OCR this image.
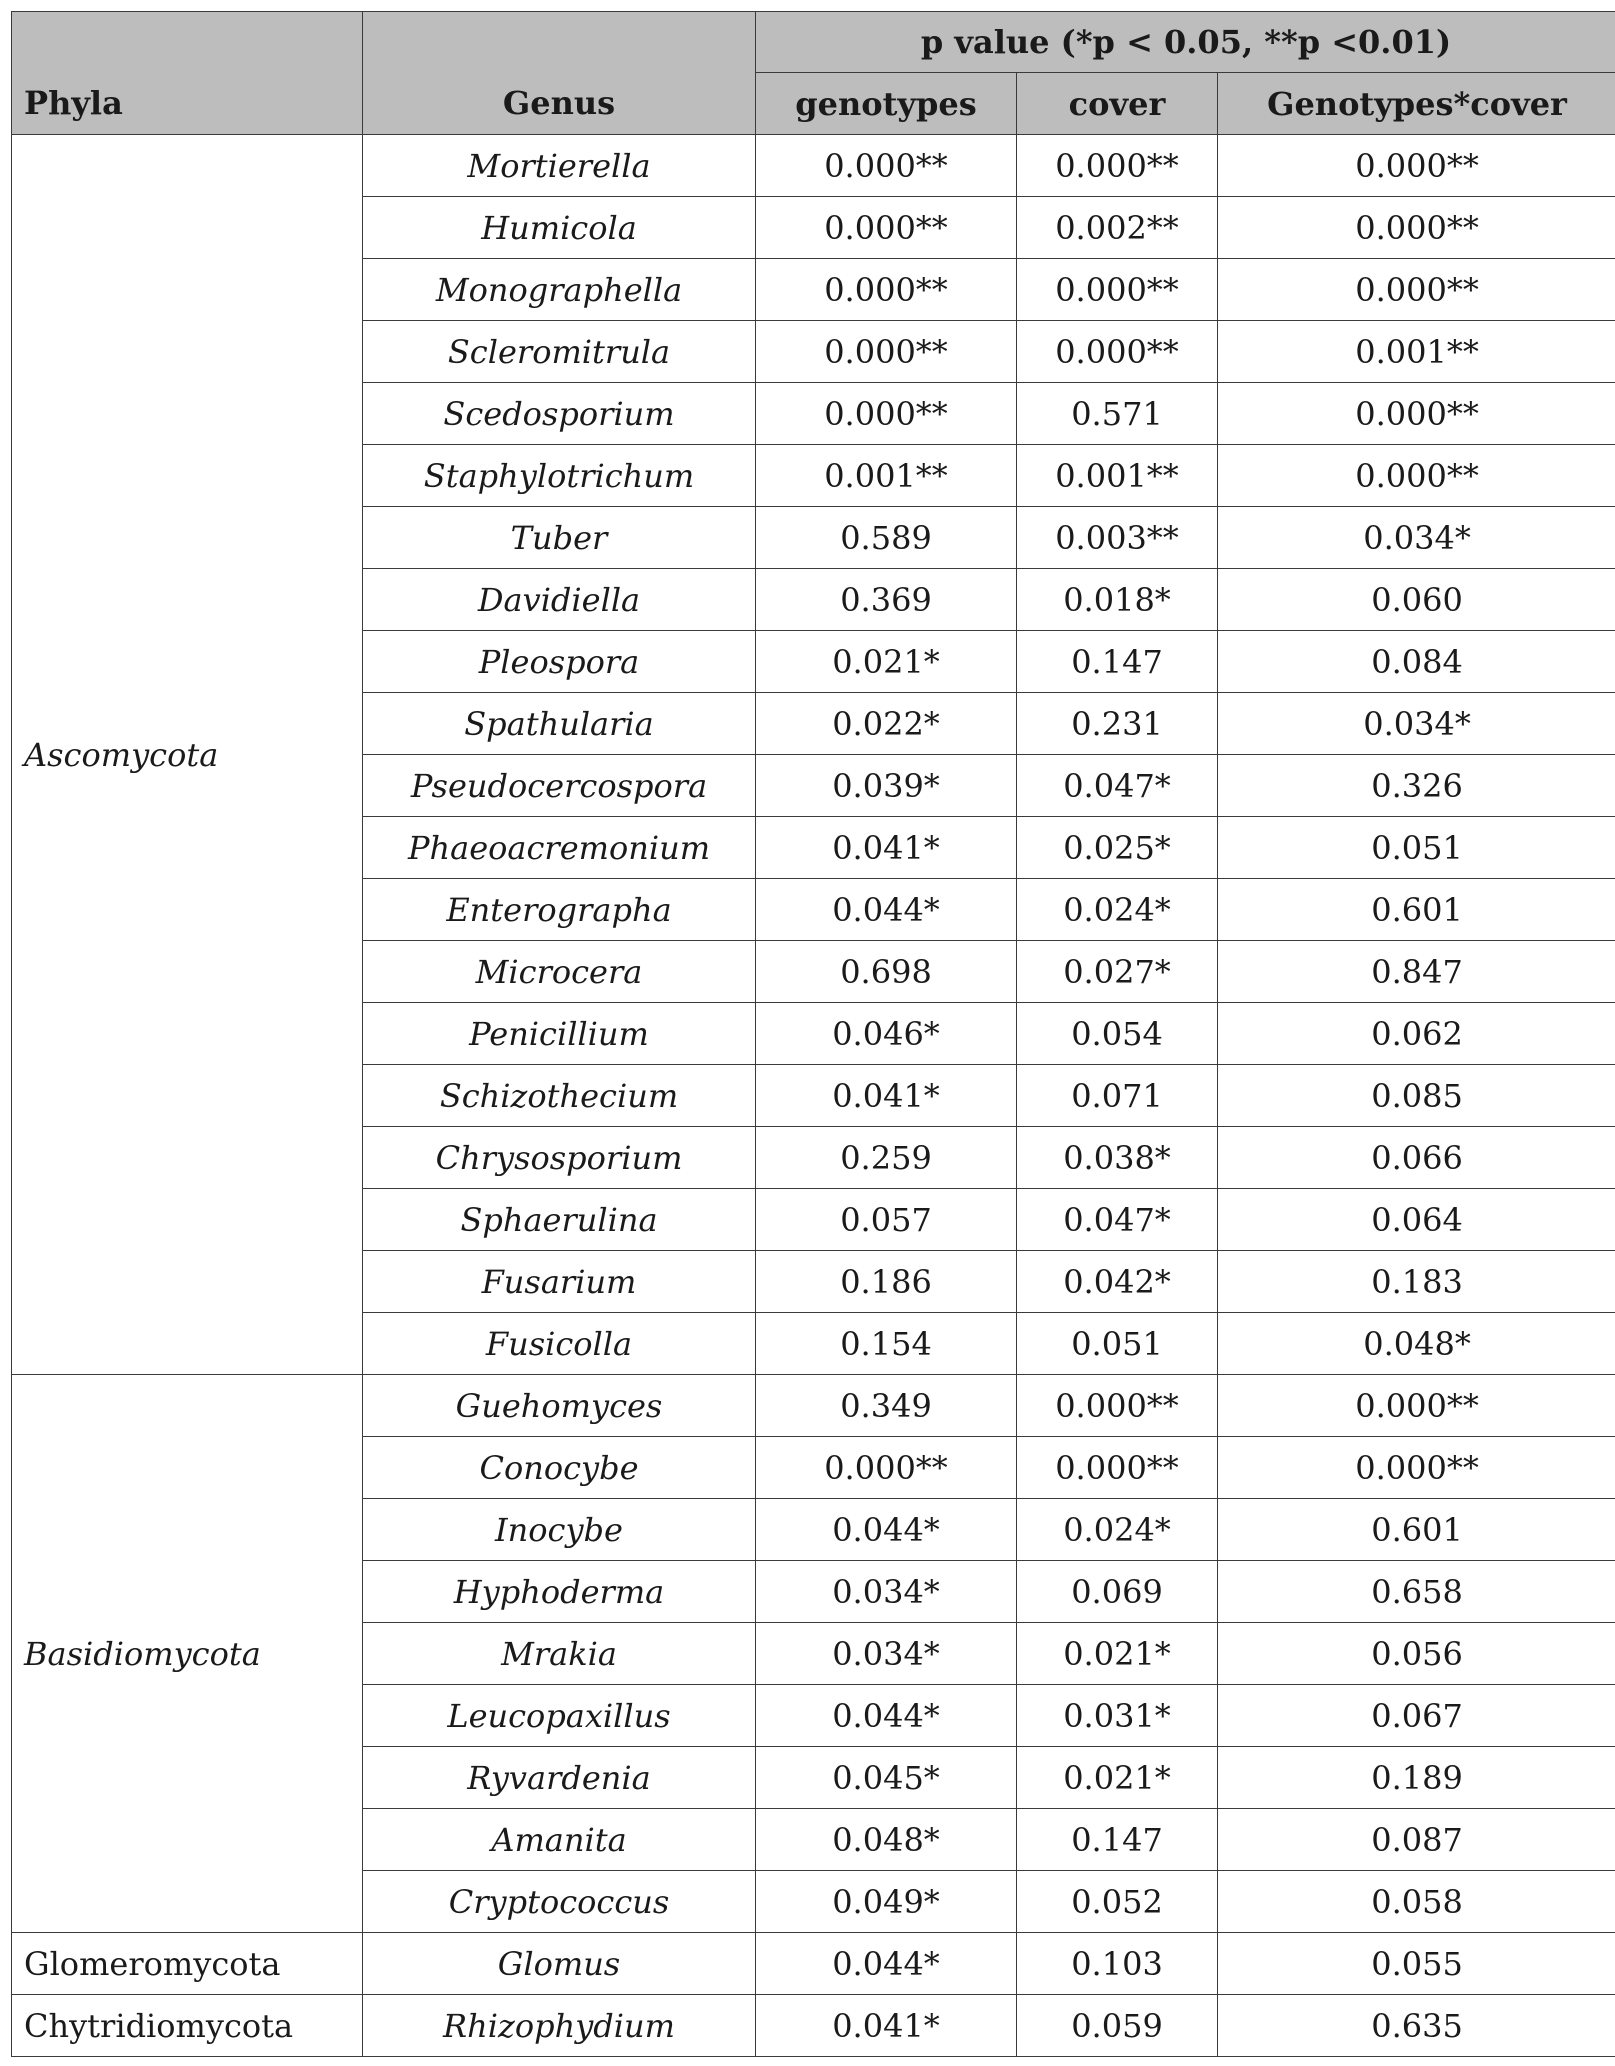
Phyla	Genus	p value (*p < 0.05, **p <0.01)		
		genotypes	cover	Genotypes*cover
Ascomycota	Mortierella	0.000**	0.000**	0.000**
	Humicola	0.000**	0.002**	0.000**
	Monographella	0.000**	0.000**	0.000**
	Scleromitrula	0.000**	0.000**	0.001**
	Scedosporium	0.000**	0.571	0.000**
	Staphylotrichum	0.001**	0.001**	0.000**
	Tuber	0.589	0.003**	0.034*
	Davidiella	0.369	0.018*	0.060
	Pleospora	0.021*	0.147	0.084
	Spathularia	0.022*	0.231	0.034*
	Pseudocercospora	0.039*	0.047*	0.326
	Phaeoacremonium	0.041*	0.025*	0.051
	Enterographa	0.044*	0.024*	0.601
	Microcera	0.698	0.027*	0.847
	Penicillium	0.046*	0.054	0.062
	Schizothecium	0.041*	0.071	0.085
	Chrysosporium	0.259	0.038*	0.066
	Sphaerulina	0.057	0.047*	0.064
	Fusarium	0.186	0.042*	0.183
	Fusicolla	0.154	0.051	0.048*
Basidiomycota	Guehomyces	0.349	0.000**	0.000**
	Conocybe	0.000**	0.000**	0.000**
	Inocybe	0.044*	0.024*	0.601
	Hyphoderma	0.034*	0.069	0.658
	Mrakia	0.034*	0.021*	0.056
	Leucopaxillus	0.044*	0.031*	0.067
	Ryvardenia	0.045*	0.021*	0.189
	Amanita	0.048*	0.147	0.087
	Cryptococcus	0.049*	0.052	0.058
Glomeromycota	Glomus	0.044*	0.103	0.055
Chytridiomycota	Rhizophydium	0.041*	0.059	0.635
